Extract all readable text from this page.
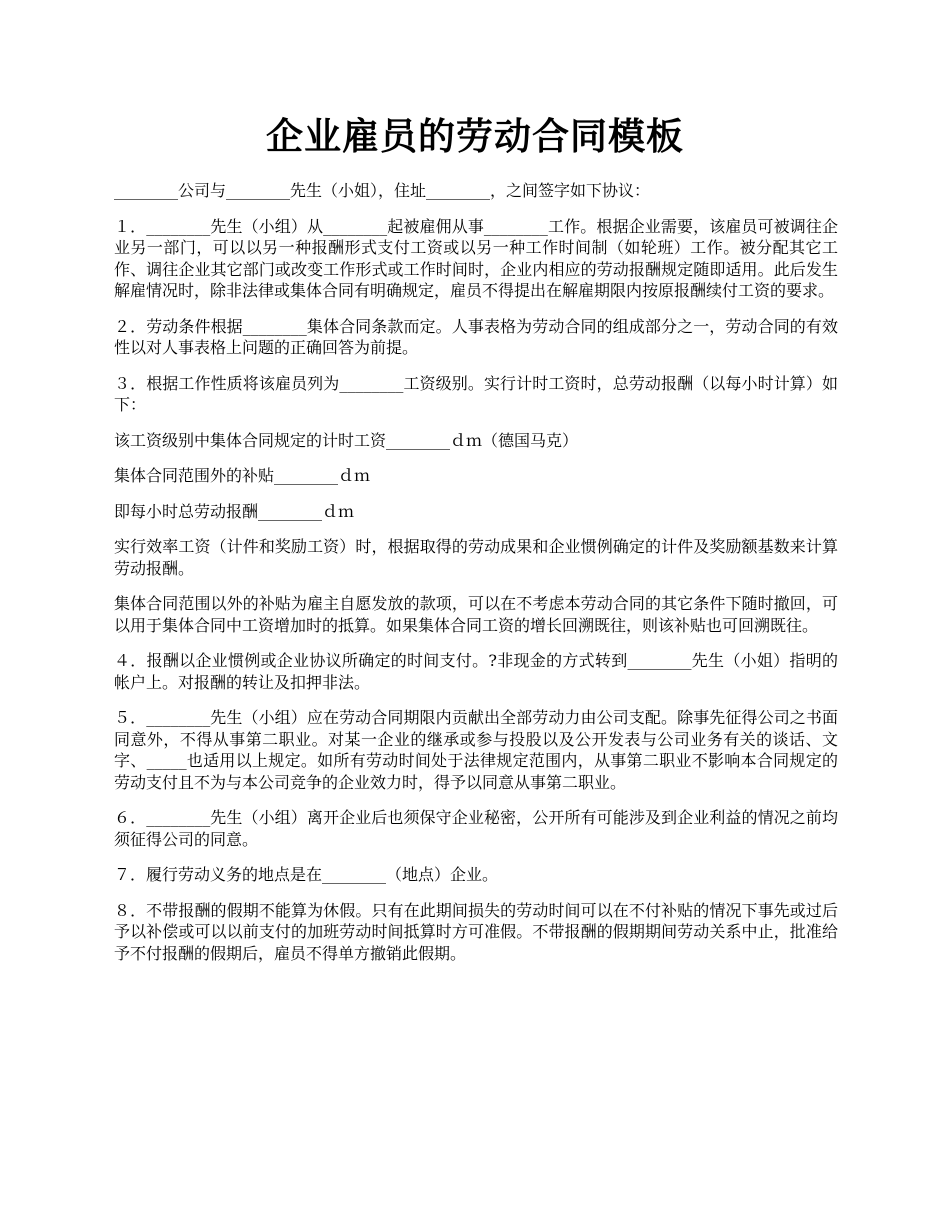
企业雇员的劳动合同模板

________公司与________先生（小姐），住址________，之间签字如下协议：

１．________先生（小组）从________起被雇佣从事________工作。根据企业需要，该雇员可被调往企业另一部门，可以以另一种报酬形式支付工资或以另一种工作时间制（如轮班）工作。被分配其它工作、调往企业其它部门或改变工作形式或工作时间时，企业内相应的劳动报酬规定随即适用。此后发生解雇情况时，除非法律或集体合同有明确规定，雇员不得提出在解雇期限内按原报酬续付工资的要求。

２．劳动条件根据________集体合同条款而定。人事表格为劳动合同的组成部分之一，劳动合同的有效性以对人事表格上问题的正确回答为前提。

３．根据工作性质将该雇员列为________工资级别。实行计时工资时，总劳动报酬（以每小时计算）如下：

该工资级别中集体合同规定的计时工资________ｄｍ（德国马克）

集体合同范围外的补贴________ｄｍ

即每小时总劳动报酬________ｄｍ

实行效率工资（计件和奖励工资）时，根据取得的劳动成果和企业惯例确定的计件及奖励额基数来计算劳动报酬。

集体合同范围以外的补贴为雇主自愿发放的款项，可以在不考虑本劳动合同的其它条件下随时撤回，可以用于集体合同中工资增加时的抵算。如果集体合同工资的增长回溯既往，则该补贴也可回溯既往。

４．报酬以企业惯例或企业协议所确定的时间支付。?非现金的方式转到________先生（小姐）指明的帐户上。对报酬的转让及扣押非法。

５．________先生（小组）应在劳动合同期限内贡献出全部劳动力由公司支配。除事先征得公司之书面同意外，不得从事第二职业。对某一企业的继承或参与投股以及公开发表与公司业务有关的谈话、文字、_____也适用以上规定。如所有劳动时间处于法律规定范围内，从事第二职业不影响本合同规定的劳动支付且不为与本公司竞争的企业效力时，得予以同意从事第二职业。

６．________先生（小组）离开企业后也须保守企业秘密，公开所有可能涉及到企业利益的情况之前均须征得公司的同意。

７．履行劳动义务的地点是在________（地点）企业。

８．不带报酬的假期不能算为休假。只有在此期间损失的劳动时间可以在不付补贴的情况下事先或过后予以补偿或可以以前支付的加班劳动时间抵算时方可准假。不带报酬的假期期间劳动关系中止，批准给予不付报酬的假期后，雇员不得单方撤销此假期。
